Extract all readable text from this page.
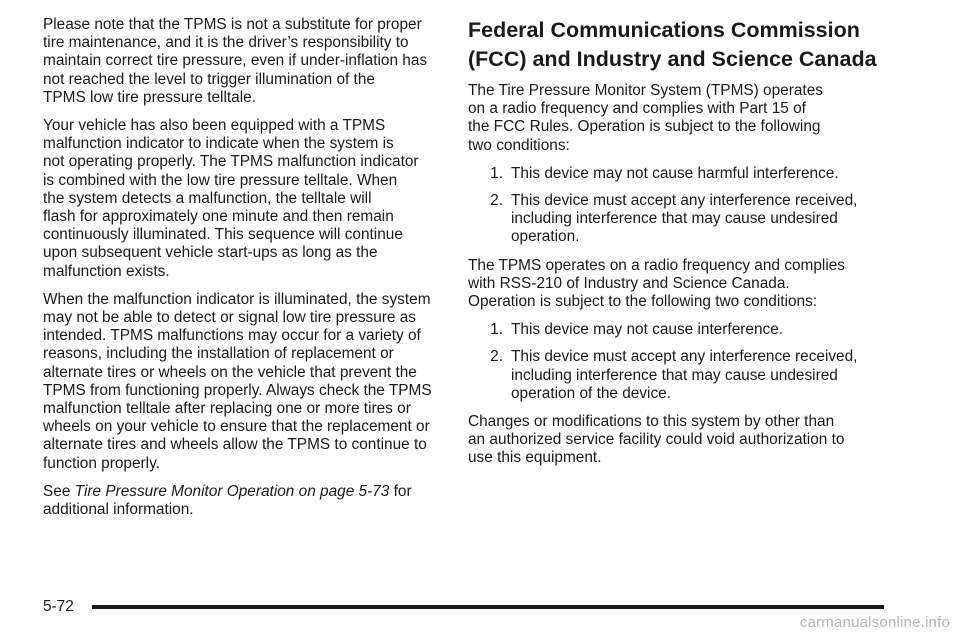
Please note that the TPMS is not a substitute for proper
tire maintenance, and it is the driver’s responsibility to
maintain correct tire pressure, even if under-inflation has
not reached the level to trigger illumination of the
TPMS low tire pressure telltale.

Your vehicle has also been equipped with a TPMS
malfunction indicator to indicate when the system is
not operating properly. The TPMS malfunction indicator
is combined with the low tire pressure telltale. When
the system detects a malfunction, the telltale will
flash for approximately one minute and then remain
continuously illuminated. This sequence will continue
upon subsequent vehicle start-ups as long as the
malfunction exists.

When the malfunction indicator is illuminated, the system
may not be able to detect or signal low tire pressure as
intended. TPMS malfunctions may occur for a variety of
reasons, including the installation of replacement or
alternate tires or wheels on the vehicle that prevent the
TPMS from functioning properly. Always check the TPMS
malfunction telltale after replacing one or more tires or
wheels on your vehicle to ensure that the replacement or
alternate tires and wheels allow the TPMS to continue to
function properly.

See Tire Pressure Monitor Operation on page 5-73 for
additional information.

Federal Communications Commission
(FCC) and Industry and Science Canada

The Tire Pressure Monitor System (TPMS) operates
on a radio frequency and complies with Part 15 of
the FCC Rules. Operation is subject to the following
two conditions:

1. This device may not cause harmful interference.
2. This device must accept any interference received,
including interference that may cause undesired
operation.

The TPMS operates on a radio frequency and complies
with RSS-210 of Industry and Science Canada.
Operation is subject to the following two conditions:

1. This device may not cause interference.
2. This device must accept any interference received,
including interference that may cause undesired
operation of the device.

Changes or modifications to this system by other than
an authorized service facility could void authorization to
use this equipment.

5-72
carmanualsonline.info
